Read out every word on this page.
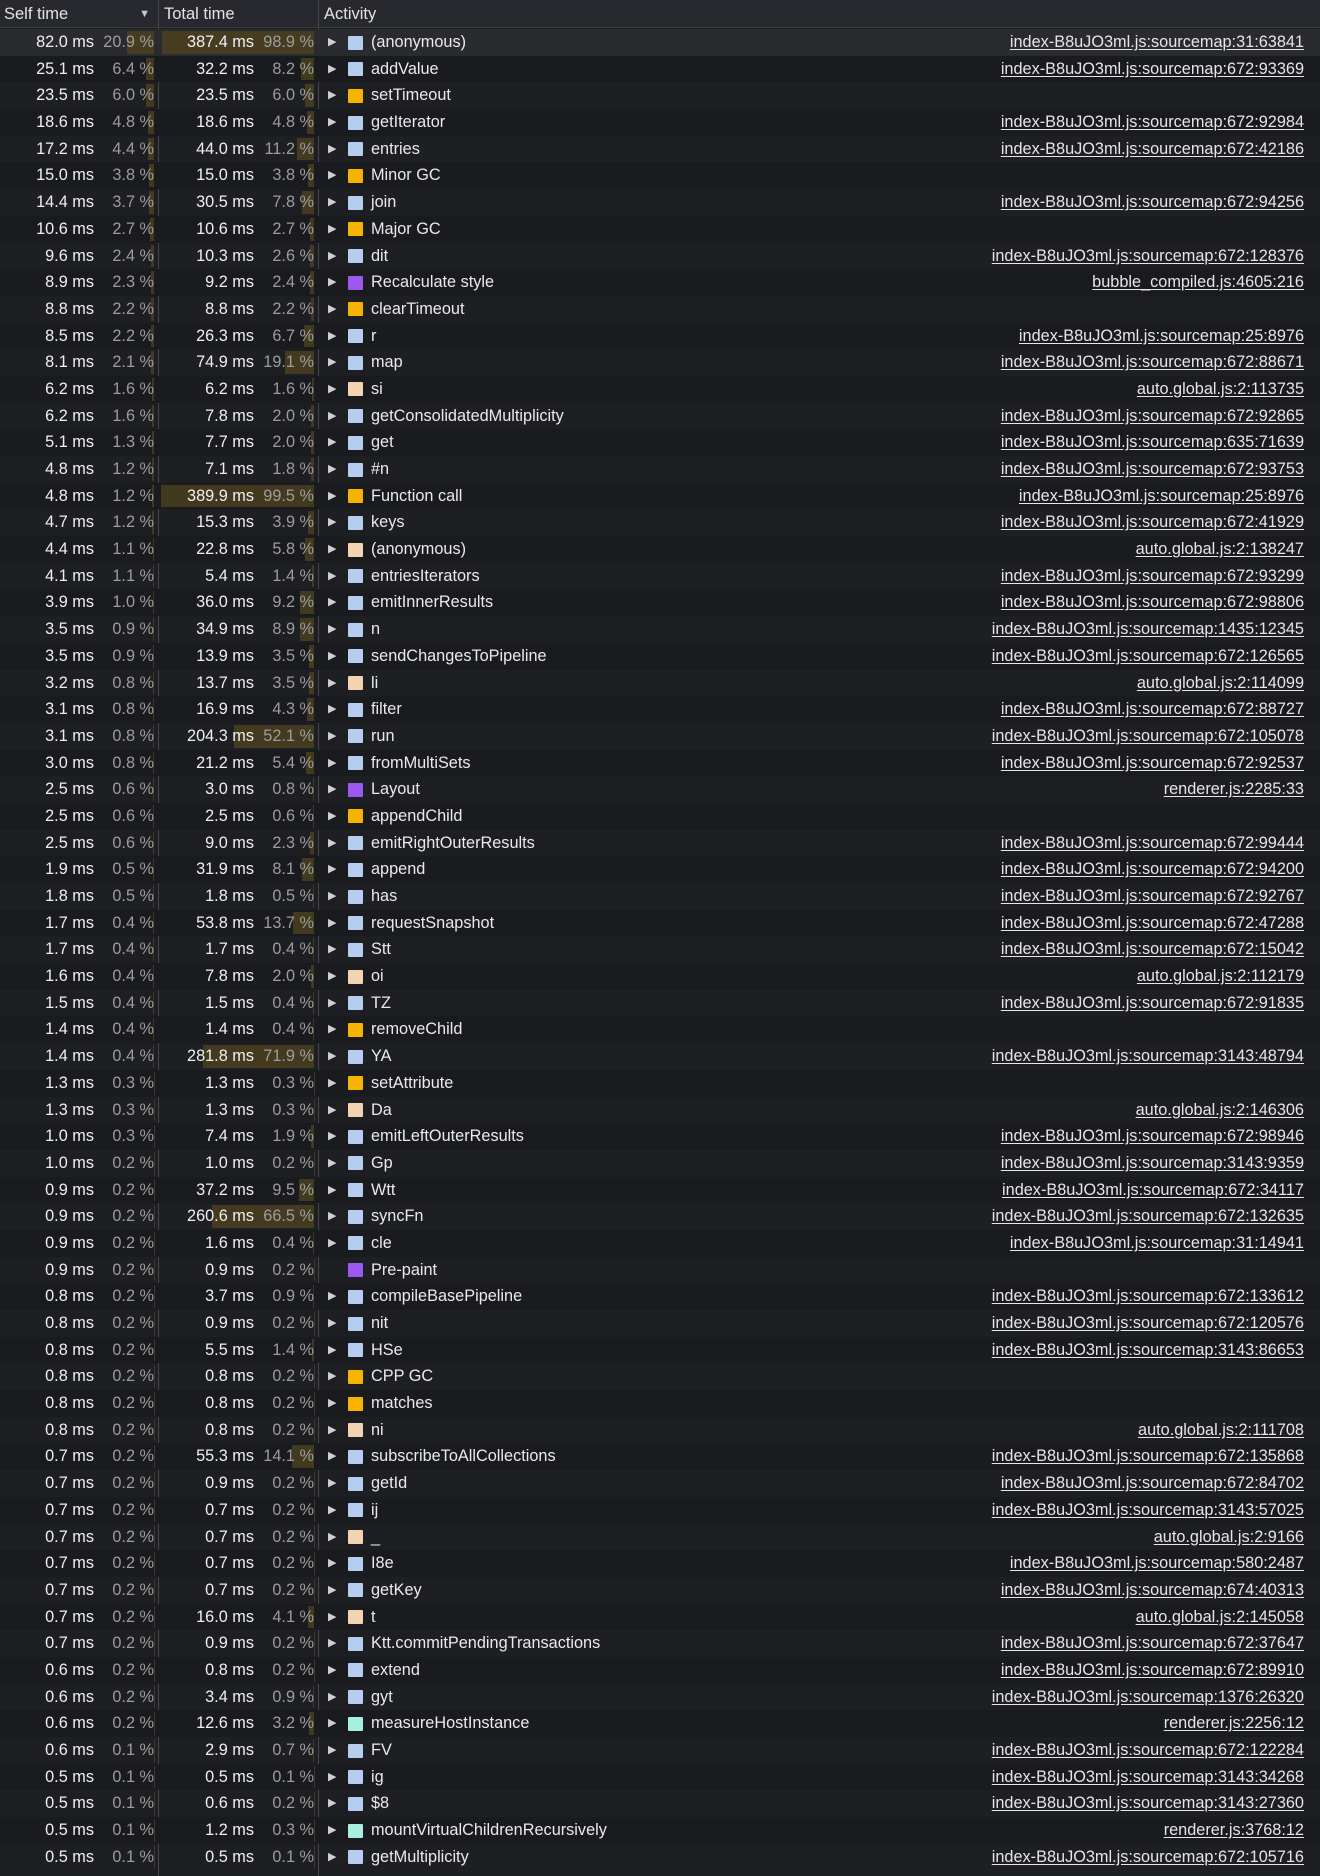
Self time	▼ Total time	Activity
82.0 ms 20.9 %	387.4 ms 98.9 % ▶ (anonymous)	index-B8uJO3ml.js:sourcemap:31:63841
25.1 ms	6.4 %	32.2 ms	8.2 % ▶ addValue	index-B8uJO3ml.js:sourcemap:672:93369
23.5 ms	6.0 %	23.5 ms	6.0 % ▶ setTimeout
18.6 ms	4.8 %	18.6 ms	4.8 % ▶ getIterator	index-B8uJO3ml.js:sourcemap:672:92984
17.2 ms	4.4 %	44.0 ms 11.2 % ▶ entries	index-B8uJO3ml.js:sourcemap:672:42186
15.0 ms	3.8 %	15.0 ms	3.8 % ▶ Minor GC
14.4 ms	3.7 %	30.5 ms	7.8 % ▶ join	index-B8uJO3ml.js:sourcemap:672:94256
10.6 ms	2.7 %	10.6 ms	2.7 % ▶ Major GC
9.6 ms	2.4 %	10.3 ms	2.6 % ▶ dit	index-B8uJO3ml.js:sourcemap:672:128376
8.9 ms	2.3 %	9.2 ms	2.4 % ▶ Recalculate style	bubble_compiled.js:4605:216
8.8 ms	2.2 %	8.8 ms	2.2 % ▶ clearTimeout
8.5 ms	2.2 %	26.3 ms	6.7 % ▶ r	index-B8uJO3ml.js:sourcemap:25:8976
8.1 ms	2.1 %	74.9 ms 19.1 % ▶ map	index-B8uJO3ml.js:sourcemap:672:88671
6.2 ms	1.6 %	6.2 ms	1.6 % ▶ si	auto.global.js:2:113735
6.2 ms	1.6 %	7.8 ms	2.0 % ▶ getConsolidatedMultiplicity	index-B8uJO3ml.js:sourcemap:672:92865
5.1 ms	1.3 %	7.7 ms	2.0 % ▶ get	index-B8uJO3ml.js:sourcemap:635:71639
4.8 ms	1.2 %	7.1 ms	1.8 % ▶ #n	index-B8uJO3ml.js:sourcemap:672:93753
4.8 ms	1.2 %	389.9 ms 99.5 % ▶ Function call	index-B8uJO3ml.js:sourcemap:25:8976
4.7 ms	1.2 %	15.3 ms	3.9 % ▶ keys	index-B8uJO3ml.js:sourcemap:672:41929
4.4 ms	1.1 %	22.8 ms	5.8 % ▶ (anonymous)	auto.global.js:2:138247
4.1 ms	1.1 %	5.4 ms	1.4 % ▶ entriesIterators	index-B8uJO3ml.js:sourcemap:672:93299
3.9 ms	1.0 %	36.0 ms	9.2 % ▶ emitInnerResults	index-B8uJO3ml.js:sourcemap:672:98806
3.5 ms	0.9 %	34.9 ms	8.9 % ▶ n	index-B8uJO3ml.js:sourcemap:1435:12345
3.5 ms	0.9 %	13.9 ms	3.5 % ▶ sendChangesToPipeline	index-B8uJO3ml.js:sourcemap:672:126565
3.2 ms	0.8 %	13.7 ms	3.5 % ▶ li	auto.global.js:2:114099
3.1 ms	0.8 %	16.9 ms	4.3 % ▶ filter	index-B8uJO3ml.js:sourcemap:672:88727
3.1 ms	0.8 %	204.3 ms 52.1 % ▶ run	index-B8uJO3ml.js:sourcemap:672:105078
3.0 ms	0.8 %	21.2 ms	5.4 % ▶ fromMultiSets	index-B8uJO3ml.js:sourcemap:672:92537
2.5 ms	0.6 %	3.0 ms	0.8 % ▶ Layout	renderer.js:2285:33
2.5 ms	0.6 %	2.5 ms	0.6 % ▶ appendChild
2.5 ms	0.6 %	9.0 ms	2.3 % ▶ emitRightOuterResults	index-B8uJO3ml.js:sourcemap:672:99444
1.9 ms	0.5 %	31.9 ms	8.1 % ▶ append	index-B8uJO3ml.js:sourcemap:672:94200
1.8 ms	0.5 %	1.8 ms	0.5 % ▶ has	index-B8uJO3ml.js:sourcemap:672:92767
1.7 ms	0.4 %	53.8 ms 13.7 % ▶ requestSnapshot	index-B8uJO3ml.js:sourcemap:672:47288
1.7 ms	0.4 %	1.7 ms	0.4 % ▶ Stt	index-B8uJO3ml.js:sourcemap:672:15042
1.6 ms	0.4 %	7.8 ms	2.0 % ▶ oi	auto.global.js:2:112179
1.5 ms	0.4 %	1.5 ms	0.4 % ▶ TZ	index-B8uJO3ml.js:sourcemap:672:91835
1.4 ms	0.4 %	1.4 ms	0.4 % ▶ removeChild
1.4 ms	0.4 %	281.8 ms 71.9 % ▶ YA	index-B8uJO3ml.js:sourcemap:3143:48794
1.3 ms	0.3 %	1.3 ms	0.3 % ▶ setAttribute
1.3 ms	0.3 %	1.3 ms	0.3 % ▶ Da	auto.global.js:2:146306
1.0 ms	0.3 %	7.4 ms	1.9 % ▶ emitLeftOuterResults	index-B8uJO3ml.js:sourcemap:672:98946
1.0 ms	0.2 %	1.0 ms	0.2 % ▶ Gp	index-B8uJO3ml.js:sourcemap:3143:9359
0.9 ms	0.2 %	37.2 ms	9.5 % ▶ Wtt	index-B8uJO3ml.js:sourcemap:672:34117
0.9 ms	0.2 %	260.6 ms 66.5 % ▶ syncFn	index-B8uJO3ml.js:sourcemap:672:132635
0.9 ms	0.2 %	1.6 ms	0.4 % ▶ cle	index-B8uJO3ml.js:sourcemap:31:14941
0.9 ms	0.2 %	0.9 ms	0.2 %	Pre-paint
0.8 ms	0.2 %	3.7 ms	0.9 % ▶ compileBasePipeline	index-B8uJO3ml.js:sourcemap:672:133612
0.8 ms	0.2 %	0.9 ms	0.2 % ▶ nit	index-B8uJO3ml.js:sourcemap:672:120576
0.8 ms	0.2 %	5.5 ms	1.4 % ▶ HSe	index-B8uJO3ml.js:sourcemap:3143:86653
0.8 ms	0.2 %	0.8 ms	0.2 % ▶ CPP GC
0.8 ms	0.2 %	0.8 ms	0.2 % ▶ matches
0.8 ms	0.2 %	0.8 ms	0.2 % ▶ ni	auto.global.js:2:111708
0.7 ms	0.2 %	55.3 ms 14.1 % ▶ subscribeToAllCollections	index-B8uJO3ml.js:sourcemap:672:135868
0.7 ms	0.2 %	0.9 ms	0.2 % ▶ getId	index-B8uJO3ml.js:sourcemap:672:84702
0.7 ms	0.2 %	0.7 ms	0.2 % ▶ ij	index-B8uJO3ml.js:sourcemap:3143:57025
0.7 ms	0.2 %	0.7 ms	0.2 % ▶ _	auto.global.js:2:9166
0.7 ms	0.2 %	0.7 ms	0.2 % ▶ I8e	index-B8uJO3ml.js:sourcemap:580:2487
0.7 ms	0.2 %	0.7 ms	0.2 % ▶ getKey	index-B8uJO3ml.js:sourcemap:674:40313
0.7 ms	0.2 %	16.0 ms	4.1 % ▶ t	auto.global.js:2:145058
0.7 ms	0.2 %	0.9 ms	0.2 % ▶ Ktt.commitPendingTransactions	index-B8uJO3ml.js:sourcemap:672:37647
0.6 ms	0.2 %	0.8 ms	0.2 % ▶ extend	index-B8uJO3ml.js:sourcemap:672:89910
0.6 ms	0.2 %	3.4 ms	0.9 % ▶ gyt	index-B8uJO3ml.js:sourcemap:1376:26320
0.6 ms	0.2 %	12.6 ms	3.2 % ▶ measureHostInstance	renderer.js:2256:12
0.6 ms	0.1 %	2.9 ms	0.7 % ▶ FV	index-B8uJO3ml.js:sourcemap:672:122284
0.5 ms	0.1 %	0.5 ms	0.1 % ▶ ig	index-B8uJO3ml.js:sourcemap:3143:34268
0.5 ms	0.1 %	0.6 ms	0.2 % ▶ $8	index-B8uJO3ml.js:sourcemap:3143:27360
0.5 ms	0.1 %	1.2 ms	0.3 % ▶ mountVirtualChildrenRecursively	renderer.js:3768:12
0.5 ms	0.1 %	0.5 ms	0.1 % ▶ getMultiplicity	index-B8uJO3ml.js:sourcemap:672:105716
